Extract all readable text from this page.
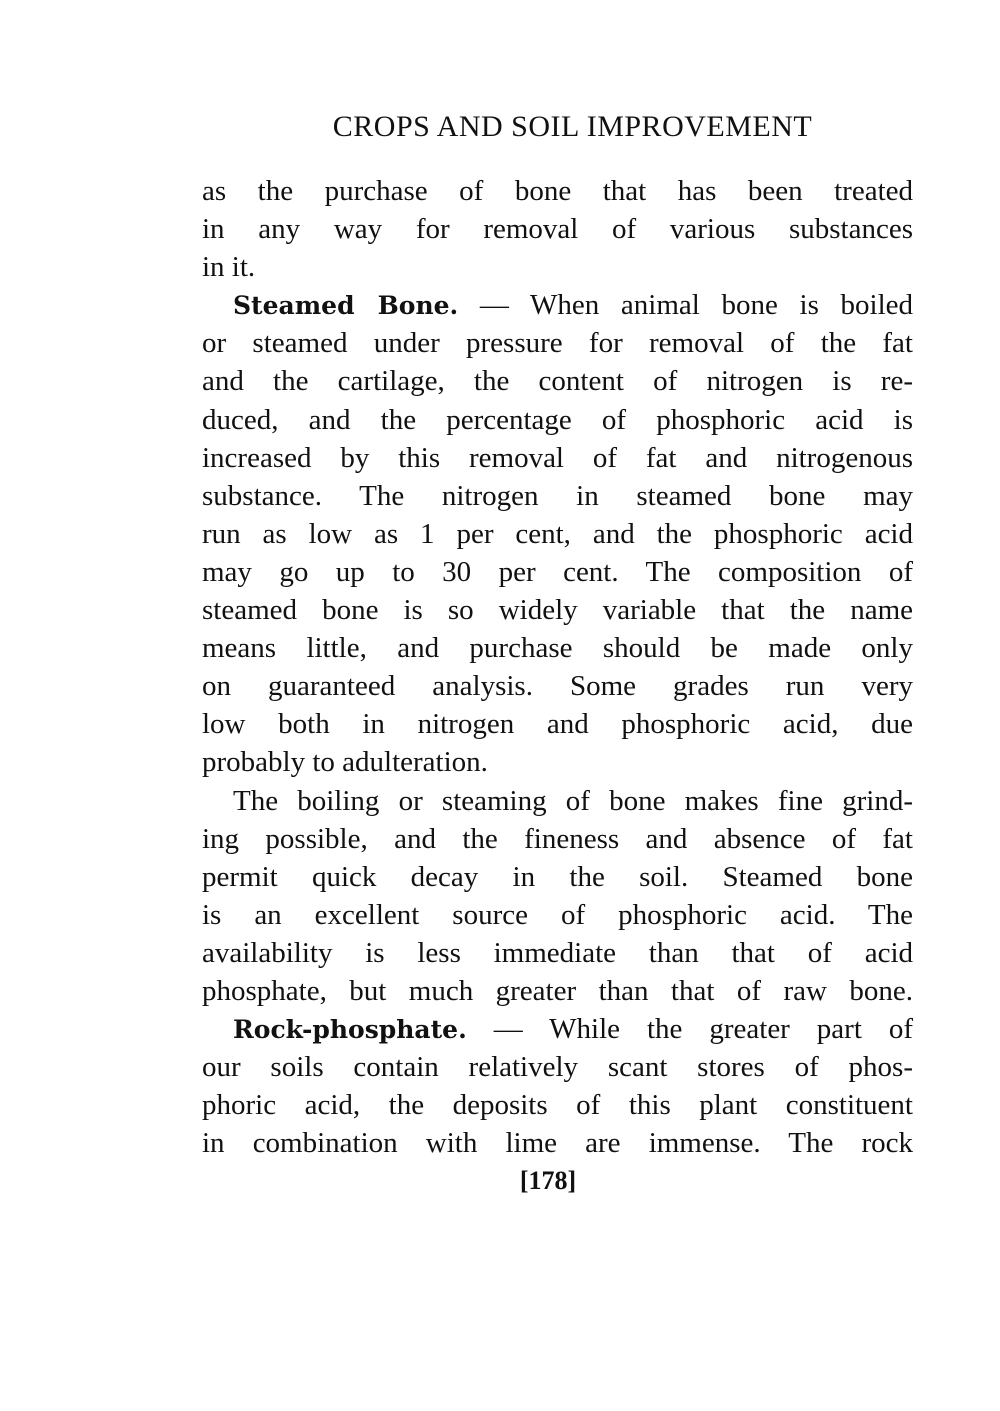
CROPS AND SOIL IMPROVEMENT
as the purchase of bone that has been treated
in any way for removal of various substances
in it.
Steamed Bone. — When animal bone is boiled
or steamed under pressure for removal of the fat
and the cartilage, the content of nitrogen is re-
duced, and the percentage of phosphoric acid is
increased by this removal of fat and nitrogenous
substance. The nitrogen in steamed bone may
run as low as 1 per cent, and the phosphoric acid
may go up to 30 per cent. The composition of
steamed bone is so widely variable that the name
means little, and purchase should be made only
on guaranteed analysis. Some grades run very
low both in nitrogen and phosphoric acid, due
probably to adulteration.
The boiling or steaming of bone makes fine grind-
ing possible, and the fineness and absence of fat
permit quick decay in the soil. Steamed bone
is an excellent source of phosphoric acid. The
availability is less immediate than that of acid
phosphate, but much greater than that of raw bone.
Rock-phosphate. — While the greater part of
our soils contain relatively scant stores of phos-
phoric acid, the deposits of this plant constituent
in combination with lime are immense. The rock
[178]
